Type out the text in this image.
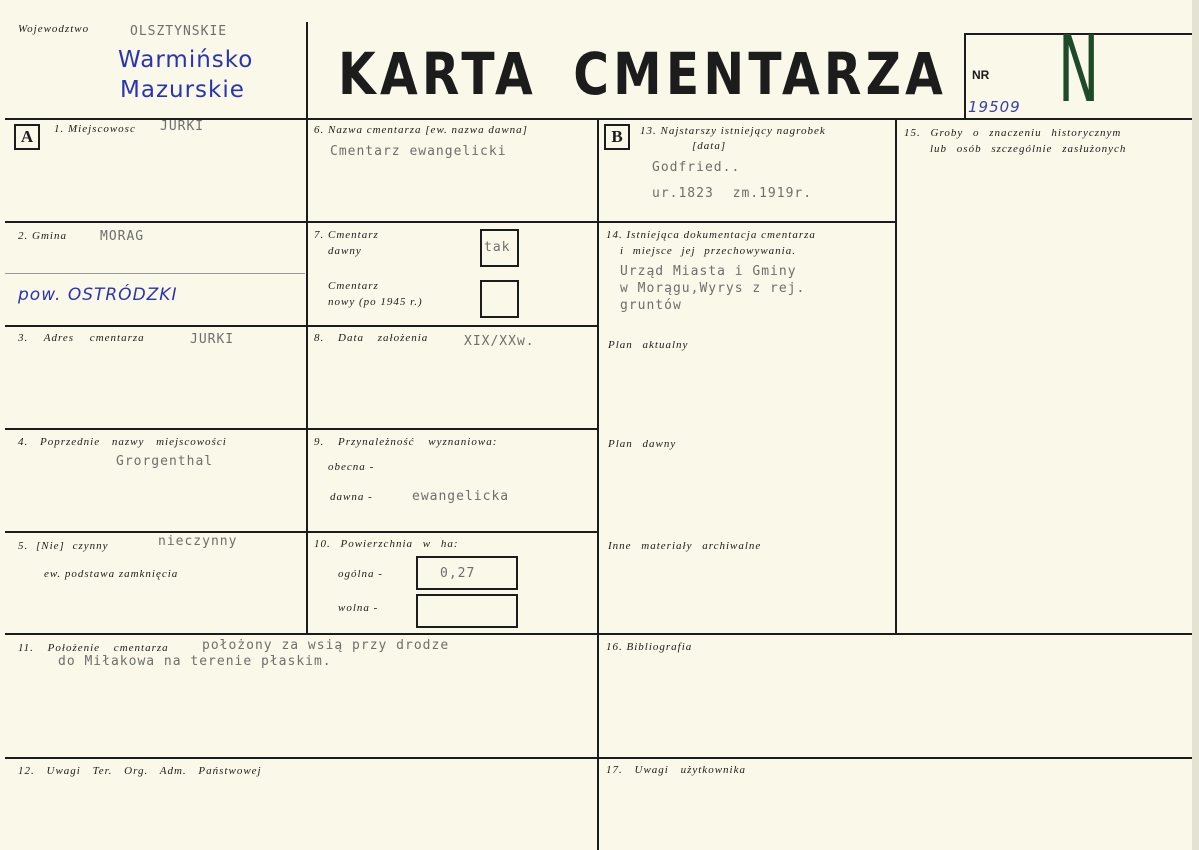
Wojewodztwo	OLSZTYNSKIE
Warmińsko
Mazurskie KARTA CMENTARZA NR
19509 N
A	B
1. Miejscowosc JURKI
2. Gmina	MORAG
pow. OSTRÓDZKI
3. Adres cmentarza	JURKI
4. Poprzednie nazwy miejscowości
Grorgenthal
5. [Nie] czynny	nieczynny
ew. podstawa zamknięcia
6. Nazwa cmentarza [ew. nazwa dawna]
Cmentarz ewangelicki
7. Cmentarz
dawny	tak
Cmentarz
nowy (po 1945 r.)
8. Data założenia	XIX/XXw.
9. Przynależność wyznaniowa:
obecna -
dawna -	ewangelicka
10. Powierzchnia w ha:
ogólna -	0,27
wolna -
11. Położenie cmentarza	położony za wsią przy drodze
do Miłakowa na terenie płaskim.
12. Uwagi Ter. Org. Adm. Państwowej
13. Najstarszy istniejący nagrobek
[data]
Godfried..
ur.1823 zm.1919r.
14. Istniejąca dokumentacja cmentarza
i miejsce jej przechowywania.
Urząd Miasta i Gminy
w Morągu,Wyrys z rej.
gruntów
Plan aktualny
Plan dawny
Inne materiały archiwalne
15. Groby o znaczeniu historycznym
lub osób szczególnie zasłużonych
16. Bibliografia
17. Uwagi użytkownika
